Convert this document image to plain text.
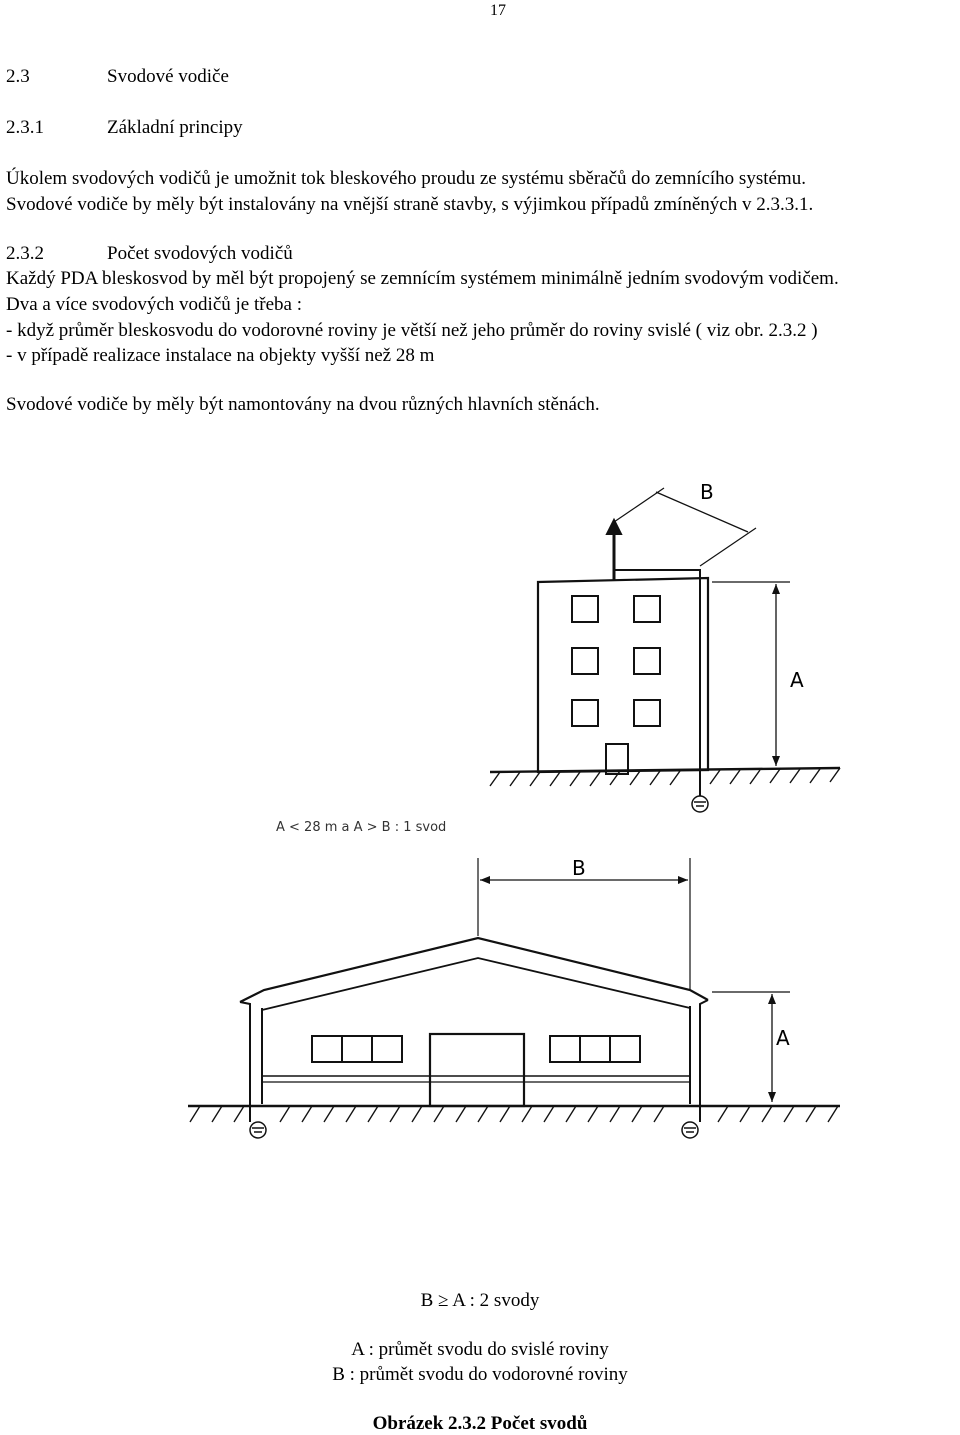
17
2.3	Svodové vodiče
2.3.1	Základní principy
Úkolem svodových vodičů je umožnit tok bleskového proudu ze systému sběračů do zemnícího systému.
Svodové vodiče by měly být instalovány na vnější straně stavby, s výjimkou případů zmíněných v 2.3.3.1.
2.3.2	Počet svodových vodičů
Každý PDA bleskosvod by měl být propojený se zemnícím systémem minimálně jedním svodovým vodičem.
Dva a více svodových vodičů je třeba :
- když průměr bleskosvodu do vodorovné roviny je větší než jeho průměr do roviny svislé ( viz obr. 2.3.2 )
- v případě realizace instalace na objekty vyšší než 28 m
Svodové vodiče by měly být namontovány na dvou různých hlavních stěnách.
B
A
A < 28 m a A > B : 1 svod
B
A
B ≥ A : 2 svody
A : průmět svodu do svislé roviny
B : průmět svodu do vodorovné roviny
Obrázek 2.3.2 Počet svodů
